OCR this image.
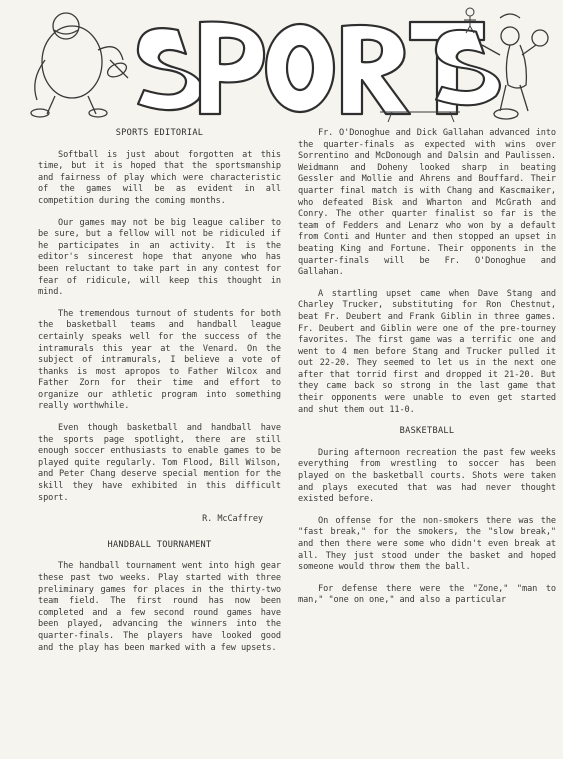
SPORTS EDITORIAL

Softball is just about forgotten at this time, but it is hoped that the sportsmanship and fairness of play which were characteristic of the games will be as evident in all competition during the coming months.

Our games may not be big league caliber to be sure, but a fellow will not be ridiculed if he participates in an activity. It is the editor's sincerest hope that anyone who has been reluctant to take part in any contest for fear of ridicule, will keep this thought in mind.

The tremendous turnout of students for both the basketball teams and handball league certainly speaks well for the success of the intramurals this year at the Venard. On the subject of intramurals, I believe a vote of thanks is most apropos to Father Wilcox and Father Zorn for their time and effort to organize our athletic program into something really worthwhile.

Even though basketball and handball have the sports page spotlight, there are still enough soccer enthusiasts to enable games to be played quite regularly. Tom Flood, Bill Wilson, and Peter Chang deserve special mention for the skill they have exhibited in this difficult sport.

R. McCaffrey
HANDBALL TOURNAMENT

The handball tournament went into high gear these past two weeks. Play started with three preliminary games for places in the thirty-two team field. The first round has now been completed and a few second round games have been played, advancing the winners into the quarter-finals. The players have looked good and the play has been marked with a few upsets.

Fr. O'Donoghue and Dick Gallahan advanced into the quarter-finals as expected with wins over Sorrentino and McDonough and Dalsin and Paulissen. Weidmann and Doheny looked sharp in beating Gessler and Mollie and Ahrens and Bouffard. Their quarter final match is with Chang and Kascmaiker, who defeated Bisk and Wharton and McGrath and Conry. The other quarter finalist so far is the team of Fedders and Lenarz who won by a default from Conti and Hunter and then stopped an upset in beating King and Fortune. Their opponents in the quarter-finals will be Fr. O'Donoghue and Gallahan.

A startling upset came when Dave Stang and Charley Trucker, substituting for Ron Chestnut, beat Fr. Deubert and Frank Giblin in three games. Fr. Deubert and Giblin were one of the pre-tourney favorites. The first game was a terrific one and went to 4 men before Stang and Trucker pulled it out 22-20. They seemed to let us in the next one after that torrid first and dropped it 21-20. But they came back so strong in the last game that their opponents were unable to even get started and shut them out 11-0.

BASKETBALL

During afternoon recreation the past few weeks everything from wrestling to soccer has been played on the basketball courts. Shots were taken and plays executed that was had never thought existed before.

On offense for the non-smokers there was the "fast break," for the smokers, the "slow break," and then there were some who didn't even break at all. They just stood under the basket and hoped someone would throw them the ball.

For defense there were the "Zone," "man to man," "one on one," and also a particular
